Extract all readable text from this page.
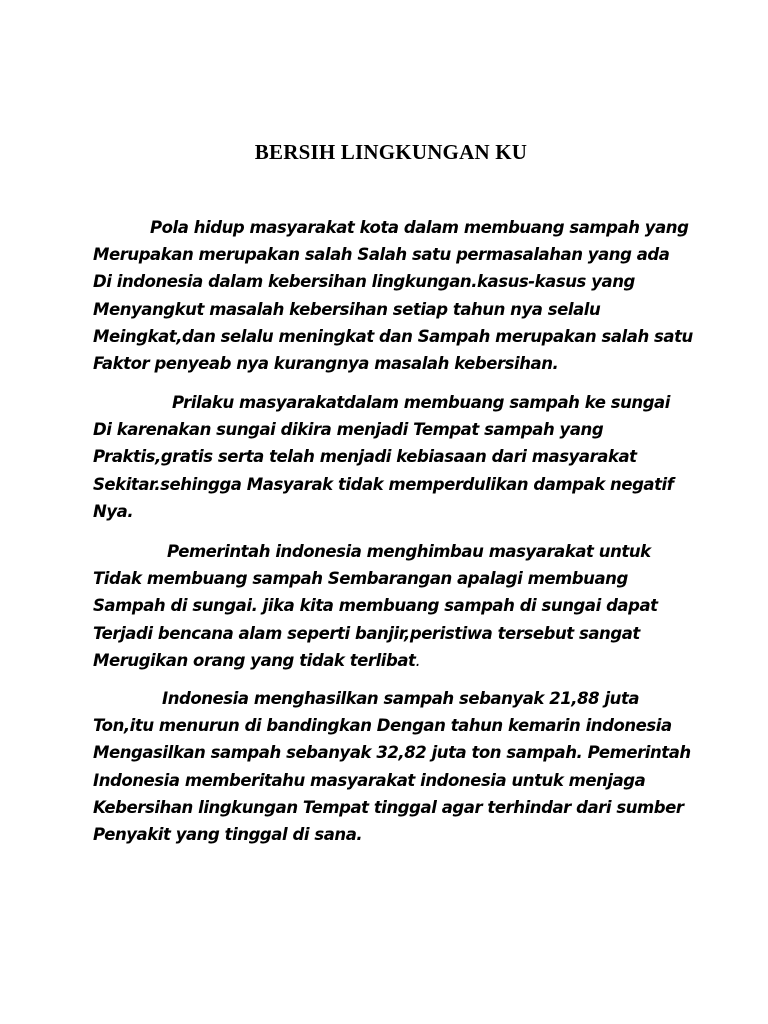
BERSIH LINGKUNGAN KU

Pola hidup masyarakat kota dalam membuang sampah yang
Merupakan merupakan salah Salah satu permasalahan yang ada
Di indonesia dalam kebersihan lingkungan.kasus-kasus yang
Menyangkut masalah kebersihan setiap tahun nya selalu
Meingkat,dan selalu meningkat dan Sampah merupakan salah satu
Faktor penyeab nya kurangnya masalah kebersihan.

Prilaku masyarakatdalam membuang sampah ke sungai
Di karenakan sungai dikira menjadi Tempat sampah yang
Praktis,gratis serta telah menjadi kebiasaan dari masyarakat
Sekitar.sehingga Masyarak tidak memperdulikan dampak negatif
Nya.

Pemerintah indonesia menghimbau masyarakat untuk
Tidak membuang sampah Sembarangan apalagi membuang
Sampah di sungai. jika kita membuang sampah di sungai dapat
Terjadi bencana alam seperti banjir,peristiwa tersebut sangat
Merugikan orang yang tidak terlibat.

Indonesia menghasilkan sampah sebanyak 21,88 juta
Ton,itu menurun di bandingkan Dengan tahun kemarin indonesia
Mengasilkan sampah sebanyak 32,82 juta ton sampah. Pemerintah
Indonesia memberitahu masyarakat indonesia untuk menjaga
Kebersihan lingkungan Tempat tinggal agar terhindar dari sumber
Penyakit yang tinggal di sana.
